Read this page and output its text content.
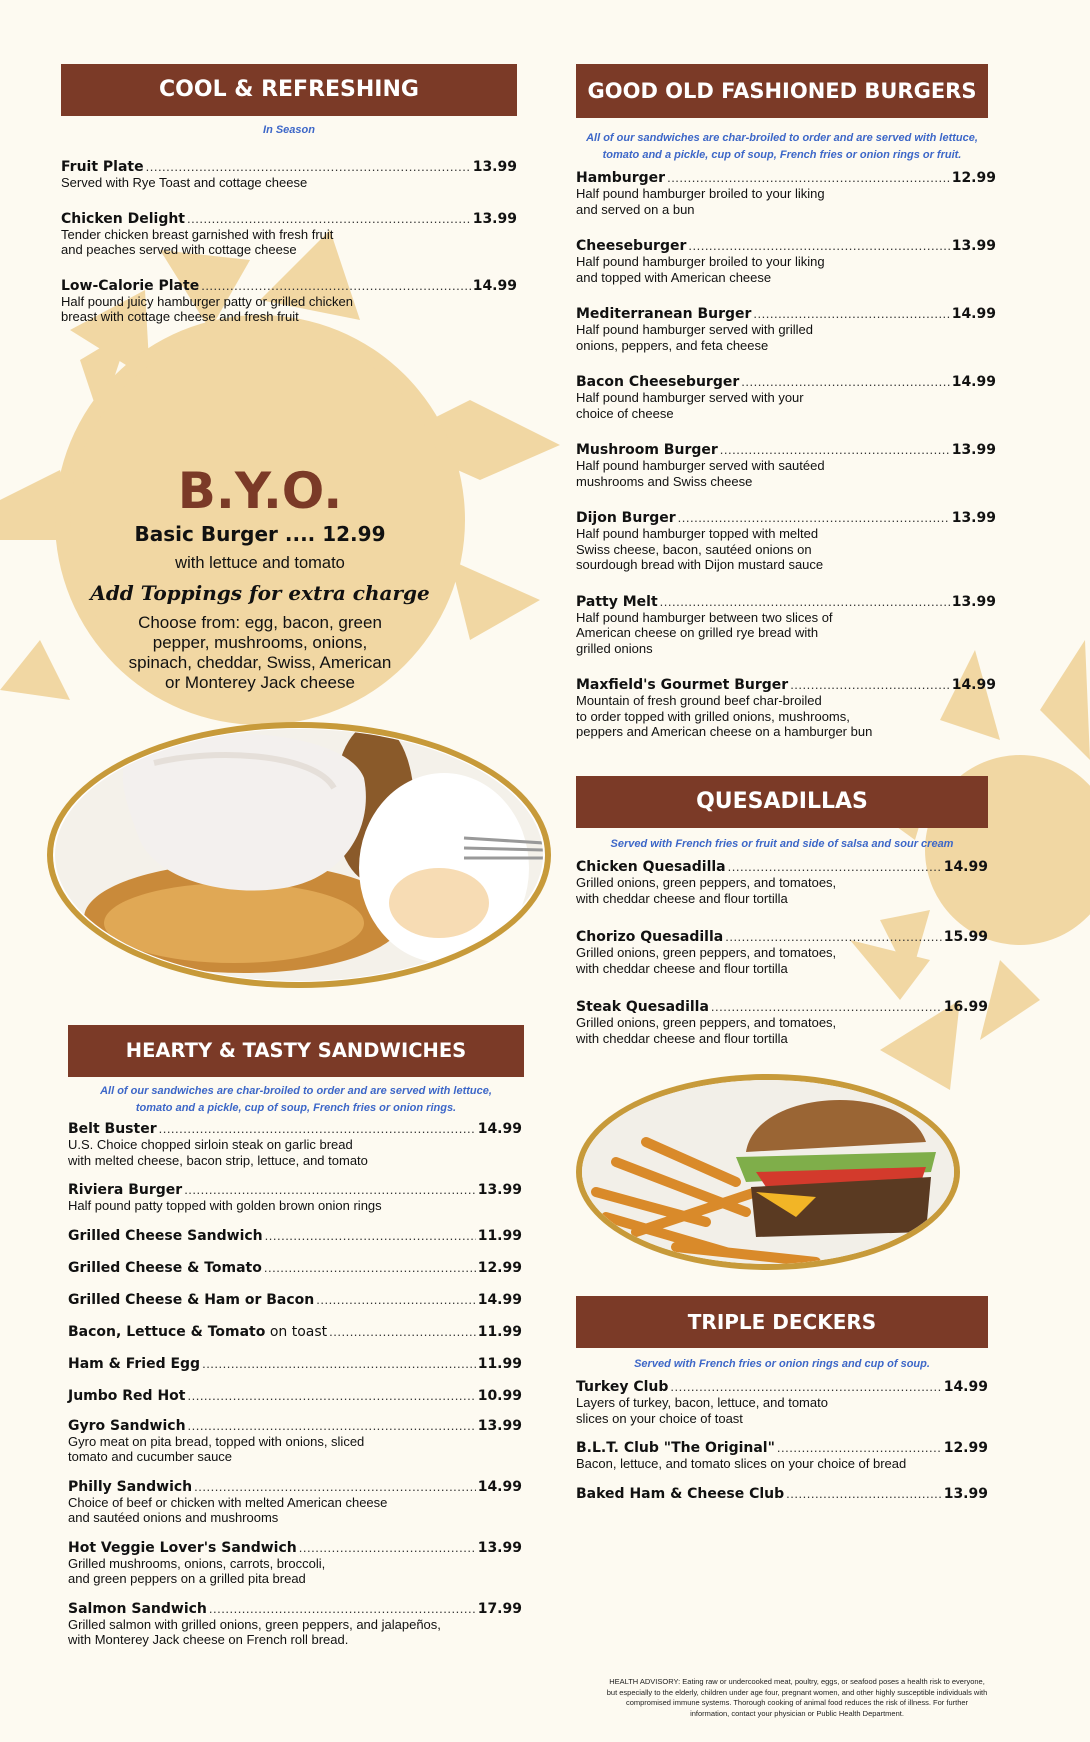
COOL & REFRESHING
In Season
Fruit Plate .....	13.99
Served with Rye Toast and cottage cheese
Chicken Delight .....	13.99
Tender chicken breast garnished with fresh fruit
and peaches served with cottage cheese
Low-Calorie Plate .....	14.99
Half pound juicy hamburger patty or grilled chicken
breast with cottage cheese and fresh fruit
B.Y.O.
Basic Burger .... 12.99
with lettuce and tomato
Add Toppings for extra charge
Choose from: egg, bacon, green
pepper, mushrooms, onions,
spinach, cheddar, Swiss, American
or Monterey Jack cheese
HEARTY & TASTY SANDWICHES
All of our sandwiches are char-broiled to order and are served with lettuce,
tomato and a pickle, cup of soup, French fries or onion rings.
Belt Buster .....	14.99
U.S. Choice chopped sirloin steak on garlic bread
with melted cheese, bacon strip, lettuce, and tomato
Riviera Burger .....	13.99
Half pound patty topped with golden brown onion rings
Grilled Cheese Sandwich .....	11.99
Grilled Cheese & Tomato .....	12.99
Grilled Cheese & Ham or Bacon .....	14.99
Bacon, Lettuce & Tomato on toast .....	11.99
Ham & Fried Egg .....	11.99
Jumbo Red Hot .....	10.99
Gyro Sandwich .....	13.99
Gyro meat on pita bread, topped with onions, sliced
tomato and cucumber sauce
Philly Sandwich .....	14.99
Choice of beef or chicken with melted American cheese
and sautéed onions and mushrooms
Hot Veggie Lover's Sandwich .....	13.99
Grilled mushrooms, onions, carrots, broccoli,
and green peppers on a grilled pita bread
Salmon Sandwich .....	17.99
Grilled salmon with grilled onions, green peppers, and jalapeños,
with Monterey Jack cheese on French roll bread.
GOOD OLD FASHIONED BURGERS
All of our sandwiches are char-broiled to order and are served with lettuce,
tomato and a pickle, cup of soup, French fries or onion rings or fruit.
Hamburger .....	12.99
Half pound hamburger broiled to your liking
and served on a bun
Cheeseburger .....	13.99
Half pound hamburger broiled to your liking
and topped with American cheese
Mediterranean Burger .....	14.99
Half pound hamburger served with grilled
onions, peppers, and feta cheese
Bacon Cheeseburger .....	14.99
Half pound hamburger served with your
choice of cheese
Mushroom Burger .....	13.99
Half pound hamburger served with sautéed
mushrooms and Swiss cheese
Dijon Burger .....	13.99
Half pound hamburger topped with melted
Swiss cheese, bacon, sautéed onions on
sourdough bread with Dijon mustard sauce
Patty Melt .....	13.99
Half pound hamburger between two slices of
American cheese on grilled rye bread with
grilled onions
Maxfield's Gourmet Burger .....	14.99
Mountain of fresh ground beef char-broiled
to order topped with grilled onions, mushrooms,
peppers and American cheese on a hamburger bun
QUESADILLAS
Served with French fries or fruit and side of salsa and sour cream
Chicken Quesadilla .....	14.99
Grilled onions, green peppers, and tomatoes,
with cheddar cheese and flour tortilla
Chorizo Quesadilla .....	15.99
Grilled onions, green peppers, and tomatoes,
with cheddar cheese and flour tortilla
Steak Quesadilla .....	16.99
Grilled onions, green peppers, and tomatoes,
with cheddar cheese and flour tortilla
TRIPLE DECKERS
Served with French fries or onion rings and cup of soup.
Turkey Club .....	14.99
Layers of turkey, bacon, lettuce, and tomato
slices on your choice of toast
B.L.T. Club "The Original" .....	12.99
Bacon, lettuce, and tomato slices on your choice of bread
Baked Ham & Cheese Club .....	13.99
HEALTH ADVISORY: Eating raw or undercooked meat, poultry, eggs, or seafood poses a health risk to everyone,
but especially to the elderly, children under age four, pregnant women, and other highly susceptible individuals with
compromised immune systems. Thorough cooking of animal food reduces the risk of illness. For further
information, contact your physician or Public Health Department.
